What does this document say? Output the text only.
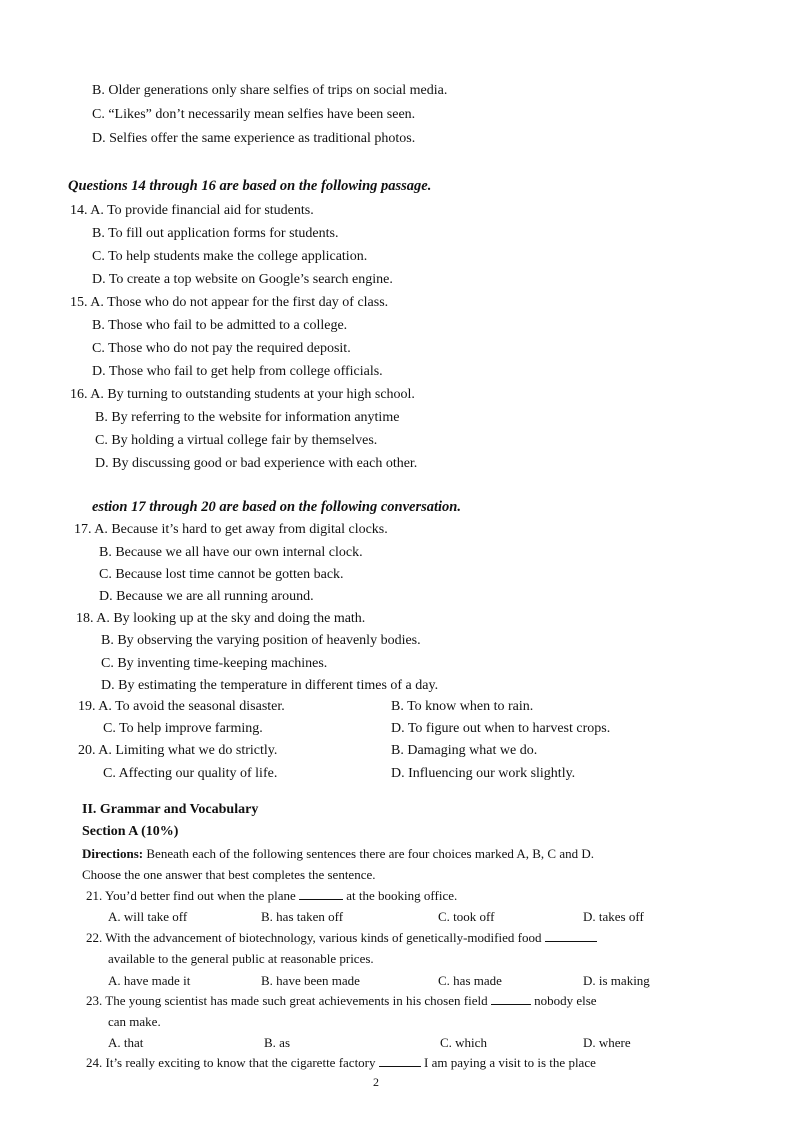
B. Older generations only share selfies of trips on social media.
C. “Likes” don’t necessarily mean selfies have been seen.
D. Selfies offer the same experience as traditional photos.
Questions 14 through 16 are based on the following passage.
14. A. To provide financial aid for students.
B. To fill out application forms for students.
C. To help students make the college application.
D. To create a top website on Google’s search engine.
15. A. Those who do not appear for the first day of class.
B. Those who fail to be admitted to a college.
C. Those who do not pay the required deposit.
D. Those who fail to get help from college officials.
16. A. By turning to outstanding students at your high school.
B. By referring to the website for information anytime
C. By holding a virtual college fair by themselves.
D. By discussing good or bad experience with each other.
estion 17 through 20 are based on the following conversation.
17. A. Because it’s hard to get away from digital clocks.
B. Because we all have our own internal clock.
C. Because lost time cannot be gotten back.
D. Because we are all running around.
18. A. By looking up at the sky and doing the math.
B. By observing the varying position of heavenly bodies.
C. By inventing time-keeping machines.
D. By estimating the temperature in different times of a day.
19. A. To avoid the seasonal disaster.	B. To know when to rain.
C. To help improve farming.	D. To figure out when to harvest crops.
20. A. Limiting what we do strictly.	B. Damaging what we do.
C. Affecting our quality of life.	D. Influencing our work slightly.
II. Grammar and Vocabulary
Section A (10%)
Directions: Beneath each of the following sentences there are four choices marked A, B, C and D.
Choose the one answer that best completes the sentence.
21. You’d better find out when the plane	at the booking office.
A. will take off	B. has taken off	C. took off	D. takes off
22. With the advancement of biotechnology, various kinds of genetically-modified food
available to the general public at reasonable prices.
A. have made it	B. have been made	C. has made	D. is making
23. The young scientist has made such great achievements in his chosen field	nobody else
can make.
A. that	B. as	C. which	D. where
24. It’s really exciting to know that the cigarette factory	I am paying a visit to is the place
2
